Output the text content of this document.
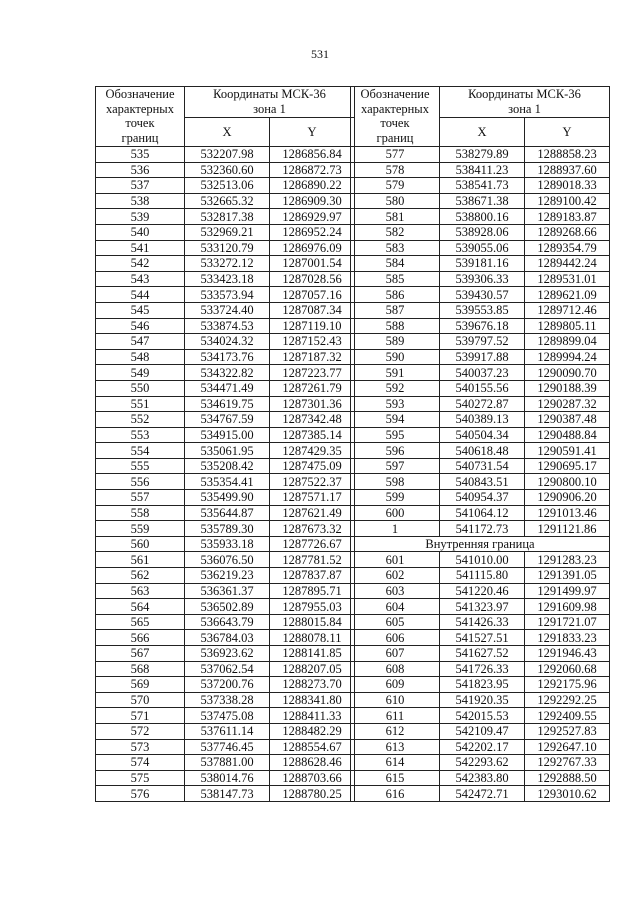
531
Обозначение
характерных
точек
границ	Координаты МСК-36
зона 1	
	X	Y
535	532207.98	1286856.84
536	532360.60	1286872.73
537	532513.06	1286890.22
538	532665.32	1286909.30
539	532817.38	1286929.97
540	532969.21	1286952.24
541	533120.79	1286976.09
542	533272.12	1287001.54
543	533423.18	1287028.56
544	533573.94	1287057.16
545	533724.40	1287087.34
546	533874.53	1287119.10
547	534024.32	1287152.43
548	534173.76	1287187.32
549	534322.82	1287223.77
550	534471.49	1287261.79
551	534619.75	1287301.36
552	534767.59	1287342.48
553	534915.00	1287385.14
554	535061.95	1287429.35
555	535208.42	1287475.09
556	535354.41	1287522.37
557	535499.90	1287571.17
558	535644.87	1287621.49
559	535789.30	1287673.32
560	535933.18	1287726.67
561	536076.50	1287781.52
562	536219.23	1287837.87
563	536361.37	1287895.71
564	536502.89	1287955.03
565	536643.79	1288015.84
566	536784.03	1288078.11
567	536923.62	1288141.85
568	537062.54	1288207.05
569	537200.76	1288273.70
570	537338.28	1288341.80
571	537475.08	1288411.33
572	537611.14	1288482.29
573	537746.45	1288554.67
574	537881.00	1288628.46
575	538014.76	1288703.66
576	538147.73	1288780.25
Обозначение
характерных
точек
границ	Координаты МСК-36
зона 1	
	X	Y
577	538279.89	1288858.23
578	538411.23	1288937.60
579	538541.73	1289018.33
580	538671.38	1289100.42
581	538800.16	1289183.87
582	538928.06	1289268.66
583	539055.06	1289354.79
584	539181.16	1289442.24
585	539306.33	1289531.01
586	539430.57	1289621.09
587	539553.85	1289712.46
588	539676.18	1289805.11
589	539797.52	1289899.04
590	539917.88	1289994.24
591	540037.23	1290090.70
592	540155.56	1290188.39
593	540272.87	1290287.32
594	540389.13	1290387.48
595	540504.34	1290488.84
596	540618.48	1290591.41
597	540731.54	1290695.17
598	540843.51	1290800.10
599	540954.37	1290906.20
600	541064.12	1291013.46
1	541172.73	1291121.86
Внутренняя граница		
601	541010.00	1291283.23
602	541115.80	1291391.05
603	541220.46	1291499.97
604	541323.97	1291609.98
605	541426.33	1291721.07
606	541527.51	1291833.23
607	541627.52	1291946.43
608	541726.33	1292060.68
609	541823.95	1292175.96
610	541920.35	1292292.25
611	542015.53	1292409.55
612	542109.47	1292527.83
613	542202.17	1292647.10
614	542293.62	1292767.33
615	542383.80	1292888.50
616	542472.71	1293010.62
